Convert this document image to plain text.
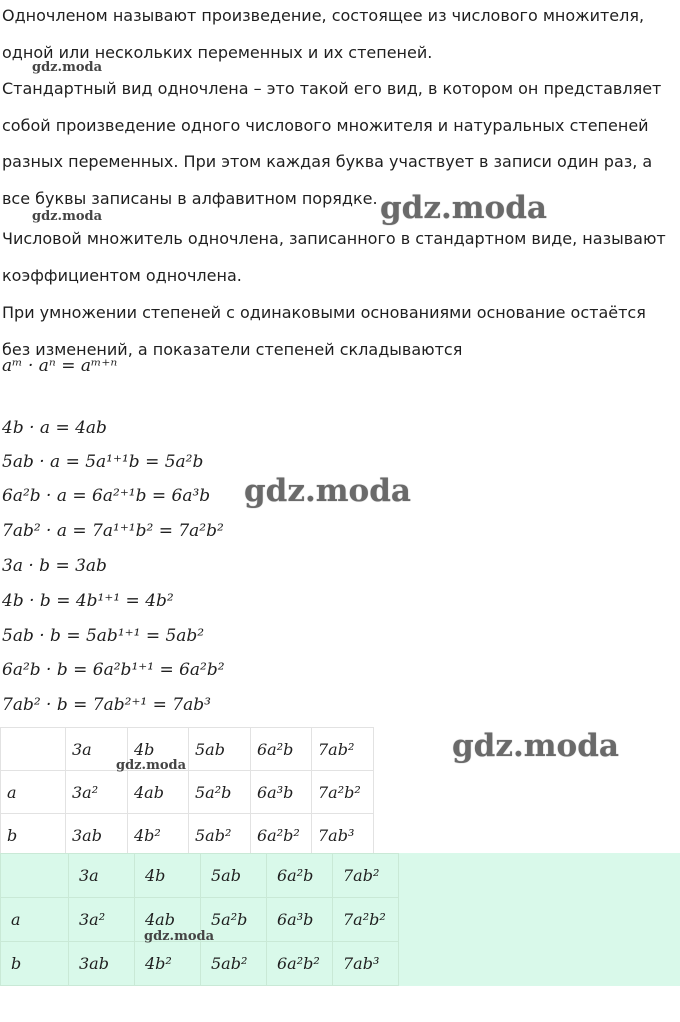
Одночленом называют произведение, состоящее из числового множителя,

одной или нескольких переменных и их степеней.

Стандартный вид одночлена – это такой его вид, в котором он представляет

собой произведение одного числового множителя и натуральных степеней

разных переменных. При этом каждая буква участвует в записи один раз, а

все буквы записаны в алфавитном порядке.

Числовой множитель одночлена, записанного в стандартном виде, называют

коэффициентом одночлена.

При умножении степеней с одинаковыми основаниями основание остаётся

без изменений, а показатели степеней складываются

aᵐ · aⁿ = aᵐ⁺ⁿ
4b · a = 4ab
5ab · a = 5a¹⁺¹b = 5a²b
6a²b · a = 6a²⁺¹b = 6a³b
7ab² · a = 7a¹⁺¹b² = 7a²b²
3a · b = 3ab
4b · b = 4b¹⁺¹ = 4b²
5ab · b = 5ab¹⁺¹ = 5ab²
6a²b · b = 6a²b¹⁺¹ = 6a²b²
7ab² · b = 7ab²⁺¹ = 7ab³
	3a	4b	5ab	6a²b	7ab²
a	3a²	4ab	5a²b	6a³b	7a²b²
b	3ab	4b²	5ab²	6a²b²	7ab³
	3a	4b	5ab	6a²b	7ab²
a	3a²	4ab	5a²b	6a³b	7a²b²
b	3ab	4b²	5ab²	6a²b²	7ab³
gdz.moda
gdz.moda	gdz.moda
gdz.moda
gdz.moda
gdz.moda
gdz.moda
